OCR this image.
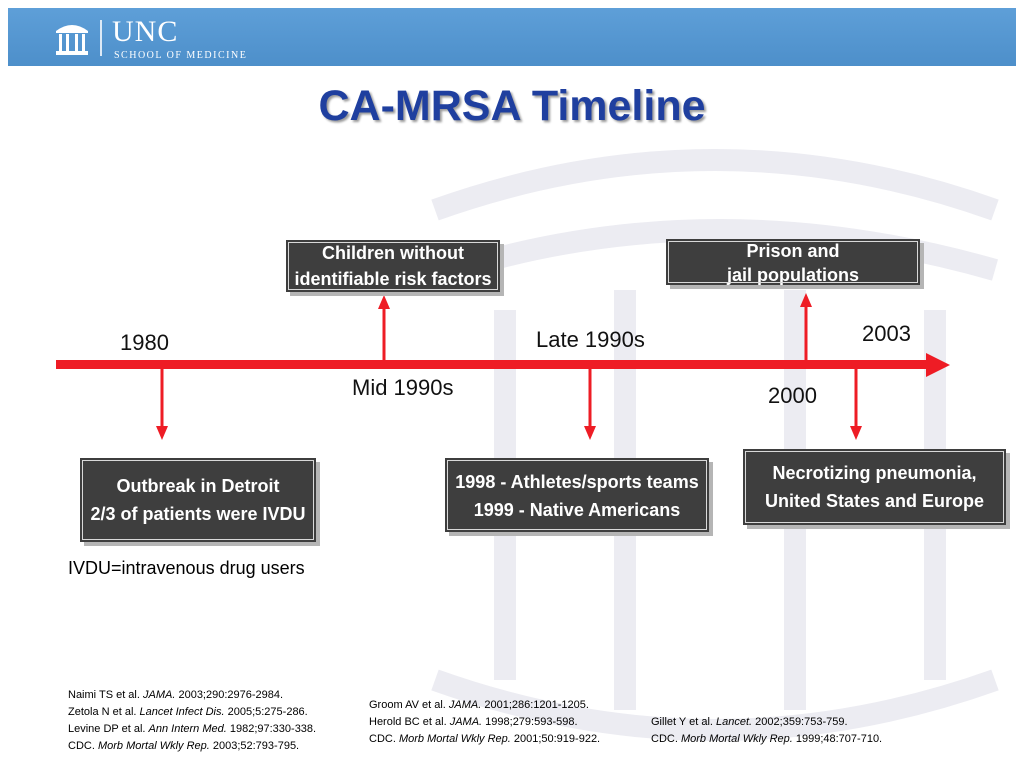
UNC
SCHOOL OF MEDICINE
CA-MRSA Timeline
1980
Mid 1990s
Late 1990s
2000
2003
Outbreak in Detroit
2/3 of patients were IVDU
Children without
identifiable risk factors
1998 - Athletes/sports teams
1999 - Native Americans
Prison and
jail populations
Necrotizing pneumonia,
United States and Europe
IVDU=intravenous drug users
Naimi TS et al. JAMA. 2003;290:2976-2984.
Zetola N et al. Lancet Infect Dis. 2005;5:275-286.
Levine DP et al. Ann Intern Med. 1982;97:330-338.
CDC. Morb Mortal Wkly Rep. 2003;52:793-795.
Groom AV et al. JAMA. 2001;286:1201-1205.
Herold BC et al. JAMA. 1998;279:593-598.
CDC. Morb Mortal Wkly Rep. 2001;50:919-922.
Gillet Y et al. Lancet. 2002;359:753-759.
CDC. Morb Mortal Wkly Rep. 1999;48:707-710.
